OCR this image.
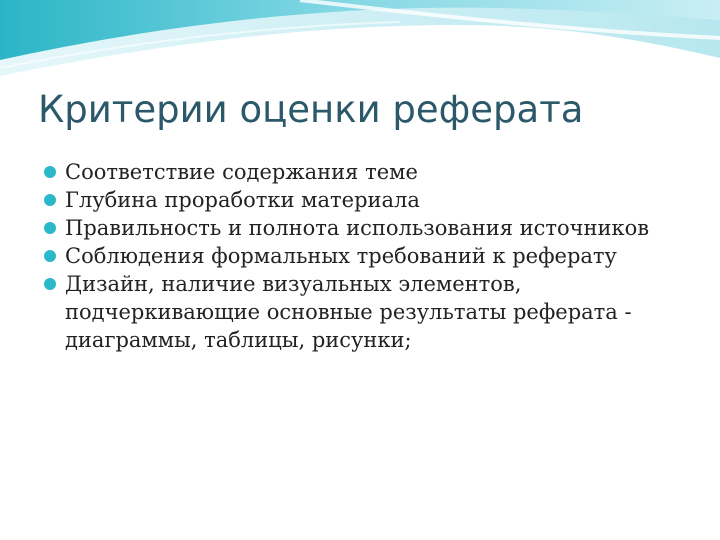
Критерии оценки реферата
Соответствие содержания теме
Глубина проработки материала
Правильность и полнота использования источников
Соблюдения формальных требований к реферату
Дизайн, наличие визуальных элементов, подчеркивающие основные результаты реферата - диаграммы, таблицы, рисунки;
